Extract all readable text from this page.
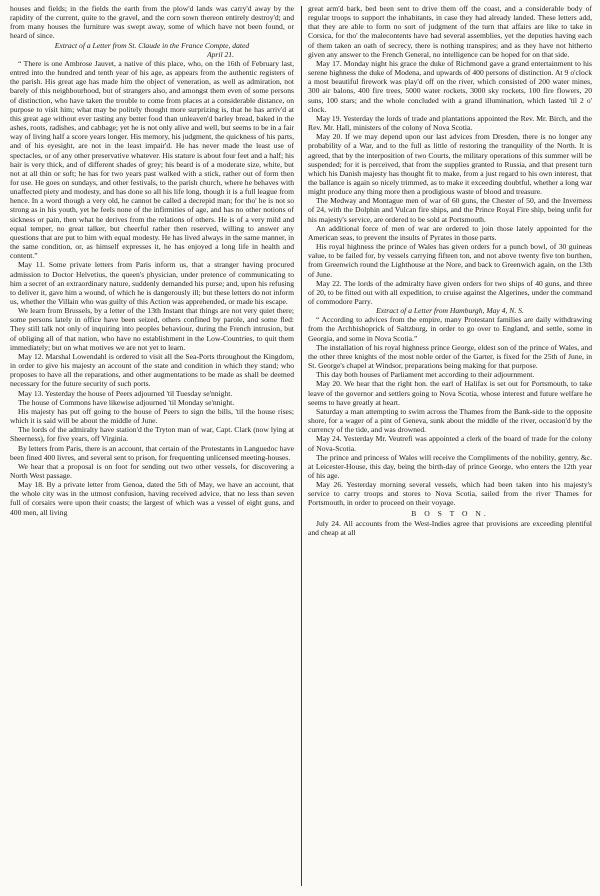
houses and fields; in the fields the earth from the plow'd lands was carry'd away by the rapidity of the current, quite to the gravel, and the corn sown thereon entirely destroy'd; and from many houses the furniture was swept away, some of which have not been found, or heard of since.

Extract of a Letter from St. Claude in the France Compte, dated

April 21.

“ There is one Ambrose Jauvet, a native of this place, who, on the 16th of February last, entred into the hundred and tenth year of his age, as appears from the authentic registers of the parish. His great age has made him the object of veneration, as well as admiration, not barely of this neighbourhood, but of strangers also, and amongst them even of some persons of distinction, who have taken the trouble to come from places at a considerable distance, on purpose to visit him; what may be politely thought more surprizing is, that he has arriv'd at this great age without ever tasting any better food than unleaven'd barley bread, baked in the ashes, roots, radishes, and cabbage; yet he is not only alive and well, but seems to be in a fair way of living half a score years longer. His memory, his judgment, the quickness of his parts, and of his eyesight, are not in the least impair'd. He has never made the least use of spectacles, or of any other preservative whatever. His stature is about four feet and a half; his hair is very thick, and of different shades of grey; his beard is of a moderate size, white, but not at all thin or soft; he has for two years past walked with a stick, rather out of form then for use. He goes on sundays, and other festivals, to the parish church, where he behaves with unaffected piety and modesty, and has done so all his life long, though it is a full league from hence. In a word though a very old, he cannot be called a decrepid man; for tho' he is not so strong as in his youth, yet he feels none of the infirmities of age, and has no other notions of sickness or pain, then what he derives from the relations of others. He is of a very mild and equal temper, no great talker, but cheerful rather then reserved, willing to answer any questions that are put to him with equal modesty. He has lived always in the same manner, in the same condition, or, as himself expresses it, he has enjoyed a long life in health and content.”

May 11. Some private letters from Paris inform us, that a stranger having procured admission to Doctor Helvetius, the queen's physician, under pretence of communicating to him a secret of an extraordinary nature, suddenly demanded his purse; and, upon his refusing to deliver it, gave him a wound, of which he is dangerously ill; but these letters do not inform us, whether the Villain who was guilty of this Action was apprehended, or made his escape.

We learn from Brussels, by a letter of the 13th Instant that things are not very quiet there; some persons lately in office have been seized, others confined by parole, and some fled: They still talk not only of inquiring into peoples behaviour, during the French intrusion, but of obliging all of that nation, who have no establishment in the Low-Countries, to quit them immediately; but on what motives we are not yet to learn.

May 12. Marshal Lowendahl is ordered to visit all the Sea-Ports throughout the Kingdom, in order to give his majesty an account of the state and condition in which they stand; who proposes to have all the reparations, and other augmentations to be made as shall be deemed necessary for the future security of such ports.

May 13. Yesterday the house of Peers adjourned 'til Tuesday se'nnight.

The house of Commons have likewise adjourned 'til Monday se'nnight.

His majesty has put off going to the house of Peers to sign the bills, 'til the house rises; which it is said will be about the middle of June.

The lords of the admiralty have station'd the Tryton man of war, Capt. Clark (now lying at Sheerness), for five years, off Virginia.

By letters from Paris, there is an account, that certain of the Protestants in Languedoc have been fined 400 livres, and several sent to prison, for frequenting unlicensed meeting-houses.

We hear that a proposal is on foot for sending out two other vessels, for discovering a North West passage.

May 18. By a private letter from Genoa, dated the 5th of May, we have an account, that the whole city was in the utmost confusion, having received advice, that no less than seven full of corsairs were upon their coasts; the largest of which was a vessel of eight guns, and 400 men, all living

great arm'd bark, bed been sent to drive them off the coast, and a considerable body of regular troops to support the inhabitants, in case they had already landed. These letters add, that they are able to form no sort of judgment of the turn that affairs are like to take in Corsica, for tho' the malecontents have had several assemblies, yet the deputies having each of them taken an oath of secrecy, there is nothing transpires; and as they have not hitherto given any answer to the French General, no intelligence can be hoped for on that side.

May 17. Monday night his grace the duke of Richmond gave a grand entertainment to his serene highness the duke of Modena, and upwards of 400 persons of distinction. At 9 o'clock a most beautiful firework was play'd off on the river, which consisted of 200 water mines, 300 air balons, 400 fire trees, 5000 water rockets, 3000 sky rockets, 100 fire flowers, 20 suns, 100 stars; and the whole concluded with a grand illumination, which lasted 'til 2 o' clock.

May 19. Yesterday the lords of trade and plantations appointed the Rev. Mr. Birch, and the Rev. Mr. Hall, ministers of the colony of Nova Scotia.

May 20. If we may depend upon our last advices from Dresden, there is no longer any probability of a War, and to the full as little of restoring the tranquility of the North. It is agreed, that by the interposition of two Courts, the military operations of this summer will be suspended; for it is perceived, that from the supplies granted to Russia, and that present turn which his Danish majesty has thought fit to make, from a just regard to his own interest, that the ballance is again so nicely trimmed, as to make it exceeding doubtful, whether a long war might produce any thing more then a prodigious waste of blood and treasure.

The Medway and Montague men of war of 60 guns, the Chester of 50, and the Inverness of 24, with the Dolphin and Vulcan fire ships, and the Prince Royal Fire ship, being unfit for his majesty's service, are ordered to be sold at Portsmouth.

An additional force of men of war are ordered to join those lately appointed for the American seas, to prevent the insults of Pyrates in those parts.

His royal highness the prince of Wales has given orders for a punch bowl, of 30 guineas value, to be failed for, by vessels carrying fifteen ton, and not above twenty five ton burthen, from Greenwich round the Lighthouse at the Nore, and back to Greenwich again, on the 13th of June.

May 22. The lords of the admiralty have given orders for two ships of 40 guns, and three of 20, to be fitted out with all expedition, to cruise against the Algerines, under the command of commodore Parry.

Extract of a Letter from Hamburgh, May 4, N. S.

“ According to advices from the empire, many Protestant families are daily withdrawing from the Archbishoprick of Saltzburg, in order to go over to England, and settle, some in Georgia, and some in Nova Scotia.”

The installation of his royal highness prince George, eldest son of the prince of Wales, and the other three knights of the most noble order of the Garter, is fixed for the 25th of June, in St. George's chapel at Windsor, preparations being making for that purpose.

This day both houses of Parliament met according to their adjournment.

May 20. We hear that the right hon. the earl of Halifax is set out for Portsmouth, to take leave of the governor and settlers going to Nova Scotia, whose interest and future welfare he seems to have greatly at heart.

Saturday a man attempting to swim across the Thames from the Bank-side to the opposite shore, for a wager of a pint of Geneva, sunk about the middle of the river, occasion'd by the currency of the tide, and was drowned.

May 24. Yesterday Mr. Veutrefi was appointed a clerk of the board of trade for the colony of Nova-Scotia.

The prince and princess of Wales will receive the Compliments of the nobility, gentry, &c. at Leicester-House, this day, being the birth-day of prince George, who enters the 12th year of his age.

May 26. Yesterday morning several vessels, which had been taken into his majesty's service to carry troops and stores to Nova Scotia, sailed from the river Thames for Portsmouth, in order to proceed on their voyage.

B O S T O N.

July 24. All accounts from the West-Indies agree that provisions are exceeding plentiful and cheap at all
